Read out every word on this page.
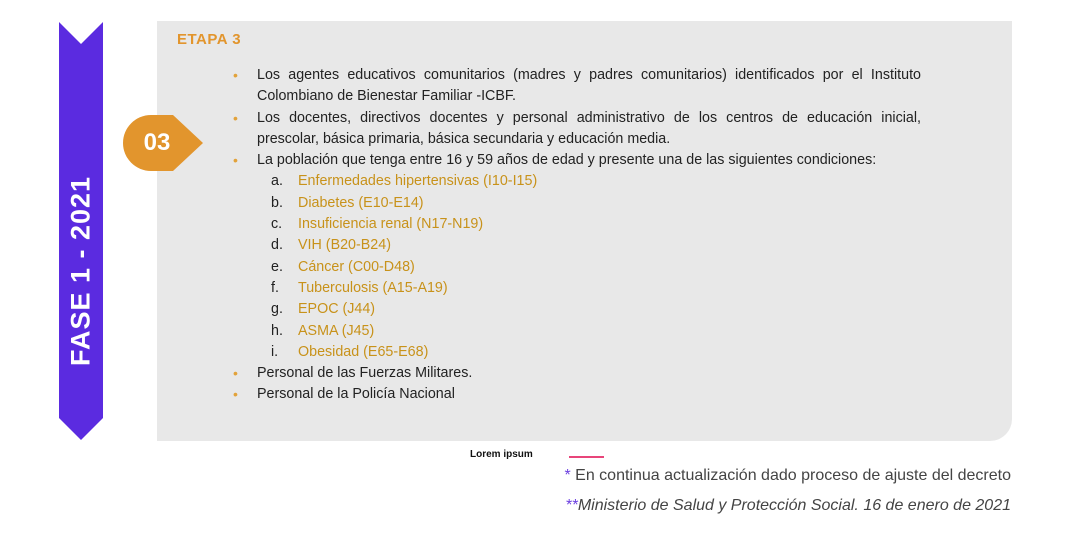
FASE 1 - 2021
ETAPA 3
03
• Los agentes educativos comunitarios (madres y padres comunitarios) identificados por el Instituto Colombiano de Bienestar Familiar -ICBF.
• Los docentes, directivos docentes y personal administrativo de los centros de educación inicial, prescolar, básica primaria, básica secundaria y educación media.
• La población que tenga entre 16 y 59 años de edad y presente una de las siguientes condiciones:
a. Enfermedades hipertensivas (I10-I15)
b. Diabetes (E10-E14)
c. Insuficiencia renal (N17-N19)
d. VIH (B20-B24)
e. Cáncer (C00-D48)
f. Tuberculosis (A15-A19)
g. EPOC (J44)
h. ASMA (J45)
i. Obesidad (E65-E68)
• Personal de las Fuerzas Militares.
• Personal de la Policía Nacional
Lorem ipsum
* En continua actualización dado proceso de ajuste del decreto
**Ministerio de Salud y Protección Social. 16 de enero de 2021
